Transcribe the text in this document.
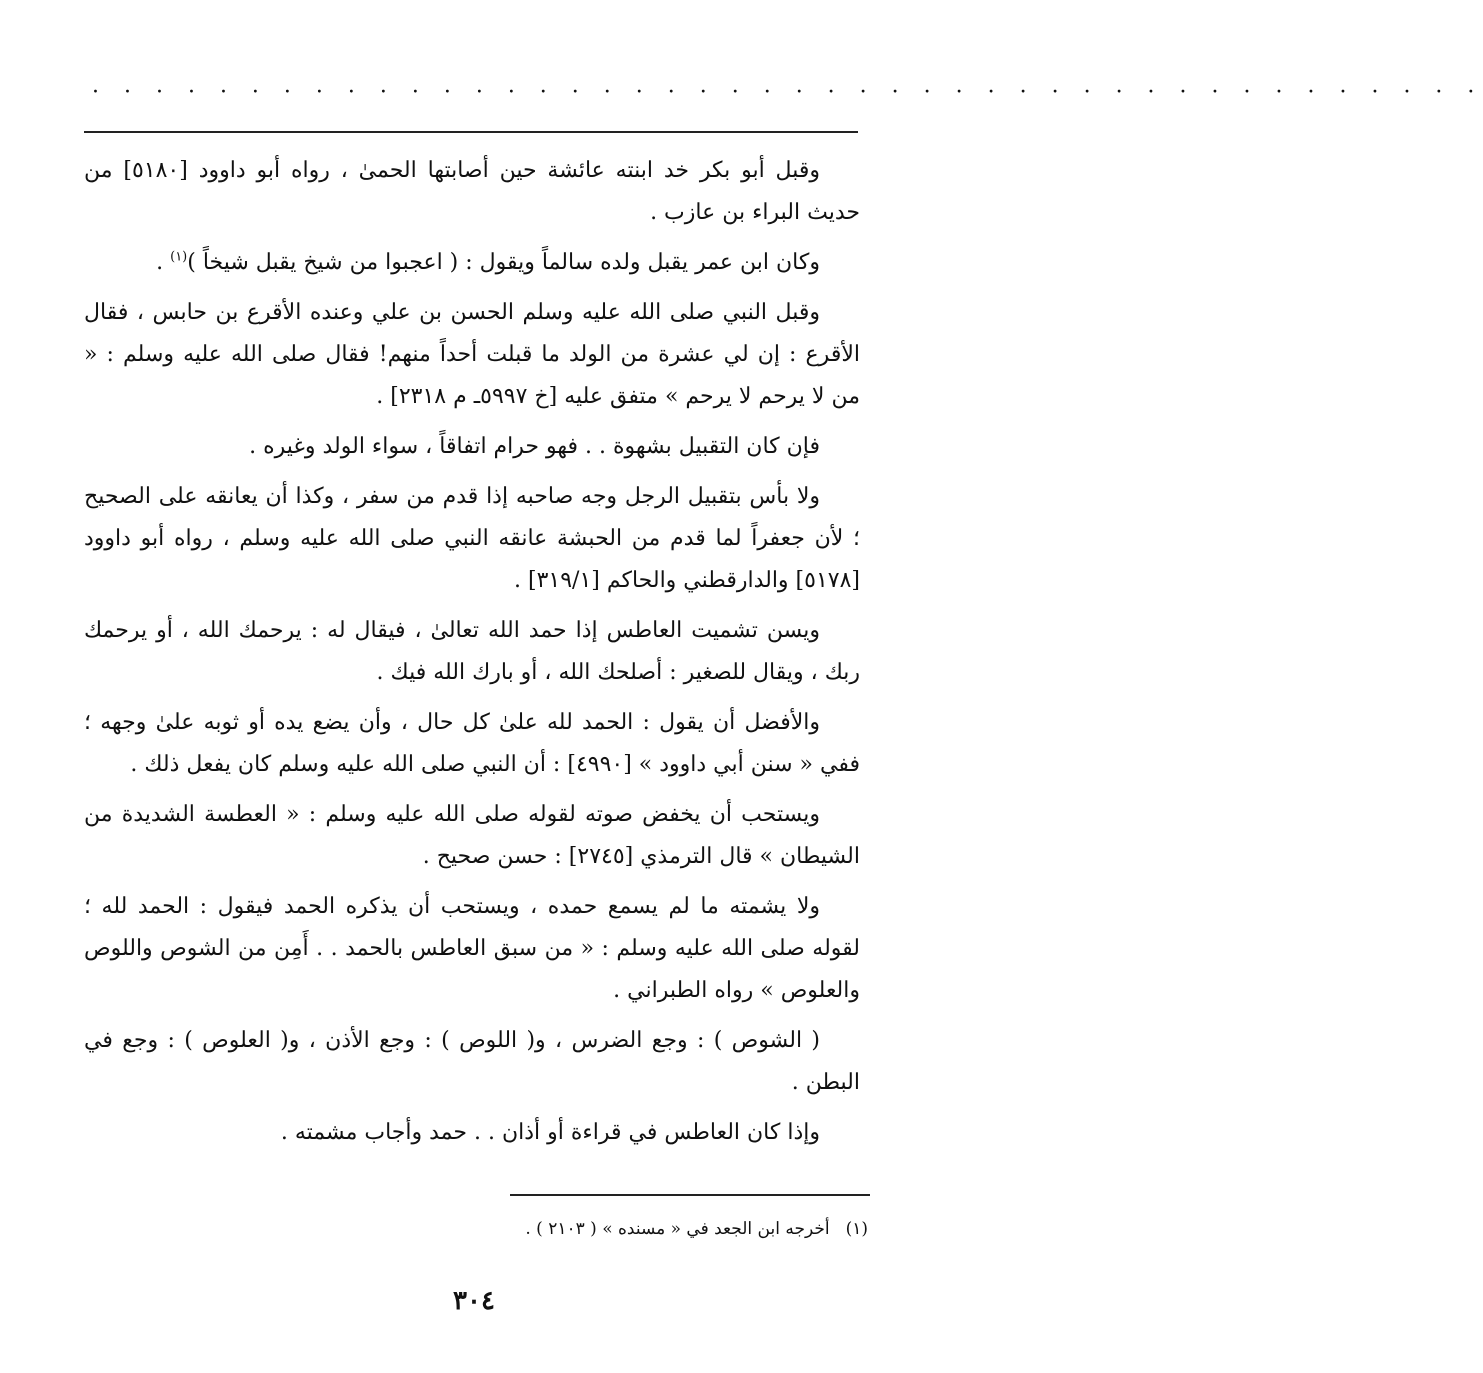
· · · · · · · · · · · · · · · · · · · · · · · · · · · · · · · · · · · · · · · · · · · ·

وقبل أبو بكر خد ابنته عائشة حين أصابتها الحمىٰ ، رواه أبو داوود [٥١٨٠] من حديث البراء بن عازب .

وكان ابن عمر يقبل ولده سالماً ويقول : ( اعجبوا من شيخ يقبل شيخاً )$^{(١)}$ .

وقبل النبي صلى الله عليه وسلم الحسن بن علي وعنده الأقرع بن حابس ، فقال الأقرع : إن لي عشرة من الولد ما قبلت أحداً منهم! فقال صلى الله عليه وسلم : « من لا يرحم لا يرحم » متفق عليه [خ ٥٩٩٧ـ م ٢٣١٨] .

فإن كان التقبيل بشهوة . . فهو حرام اتفاقاً ، سواء الولد وغيره .

ولا بأس بتقبيل الرجل وجه صاحبه إذا قدم من سفر ، وكذا أن يعانقه على الصحيح ؛ لأن جعفراً لما قدم من الحبشة عانقه النبي صلى الله عليه وسلم ، رواه أبو داوود [٥١٧٨] والدارقطني والحاكم [٣١٩/١] .

ويسن تشميت العاطس إذا حمد الله تعالىٰ ، فيقال له : يرحمك الله ، أو يرحمك ربك ، ويقال للصغير : أصلحك الله ، أو بارك الله فيك .

والأفضل أن يقول : الحمد لله علىٰ كل حال ، وأن يضع يده أو ثوبه علىٰ وجهه ؛ ففي « سنن أبي داوود » [٤٩٩٠] : أن النبي صلى الله عليه وسلم كان يفعل ذلك .

ويستحب أن يخفض صوته لقوله صلى الله عليه وسلم : « العطسة الشديدة من الشيطان » قال الترمذي [٢٧٤٥] : حسن صحيح .

ولا يشمته ما لم يسمع حمده ، ويستحب أن يذكره الحمد فيقول : الحمد لله ؛ لقوله صلى الله عليه وسلم : « من سبق العاطس بالحمد . . أَمِن من الشوص واللوص والعلوص » رواه الطبراني .

( الشوص ) : وجع الضرس ، و( اللوص ) : وجع الأذن ، و( العلوص ) : وجع في البطن .

وإذا كان العاطس في قراءة أو أذان . . حمد وأجاب مشمته .

(١)أخرجه ابن الجعد في « مسنده » ( ٢١٠٣ ) .
٣٠٤
